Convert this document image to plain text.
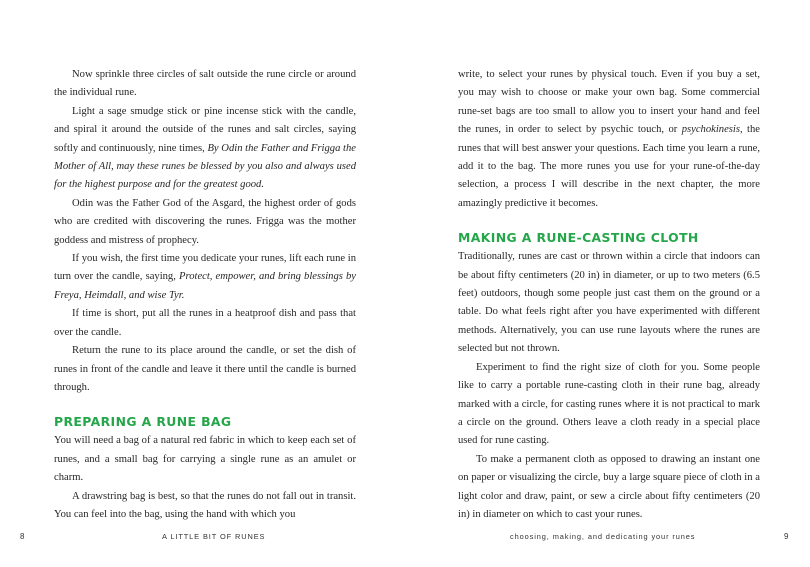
Now sprinkle three circles of salt outside the rune circle or around the individual rune.

Light a sage smudge stick or pine incense stick with the candle, and spiral it around the outside of the runes and salt circles, saying softly and continuously, nine times, By Odin the Father and Frigga the Mother of All, may these runes be blessed by you also and always used for the highest purpose and for the greatest good.

Odin was the Father God of the Asgard, the highest order of gods who are credited with discovering the runes. Frigga was the mother goddess and mistress of prophecy.

If you wish, the first time you dedicate your runes, lift each rune in turn over the candle, saying, Protect, empower, and bring blessings by Freya, Heimdall, and wise Tyr.

If time is short, put all the runes in a heatproof dish and pass that over the candle.

Return the rune to its place around the candle, or set the dish of runes in front of the candle and leave it there until the candle is burned through.

PREPARING A RUNE BAG

You will need a bag of a natural red fabric in which to keep each set of runes, and a small bag for carrying a single rune as an amulet or charm.

A drawstring bag is best, so that the runes do not fall out in transit. You can feel into the bag, using the hand with which you

write, to select your runes by physical touch. Even if you buy a set, you may wish to choose or make your own bag. Some commercial rune-set bags are too small to allow you to insert your hand and feel the runes, in order to select by psychic touch, or psychokinesis, the runes that will best answer your questions. Each time you learn a rune, add it to the bag. The more runes you use for your rune-of-the-day selection, a process I will describe in the next chapter, the more amazingly predictive it becomes.

MAKING A RUNE-CASTING CLOTH

Traditionally, runes are cast or thrown within a circle that indoors can be about fifty centimeters (20 in) in diameter, or up to two meters (6.5 feet) outdoors, though some people just cast them on the ground or a table. Do what feels right after you have experimented with different methods. Alternatively, you can use rune layouts where the runes are selected but not thrown.

Experiment to find the right size of cloth for you. Some people like to carry a portable rune-casting cloth in their rune bag, already marked with a circle, for casting runes where it is not practical to mark a circle on the ground. Others leave a cloth ready in a special place used for rune casting.

To make a permanent cloth as opposed to drawing an instant one on paper or visualizing the circle, buy a large square piece of cloth in a light color and draw, paint, or sew a circle about fifty centimeters (20 in) in diameter on which to cast your runes.

8	A LITTLE BIT OF RUNES	choosing, making, and dedicating your runes	9
